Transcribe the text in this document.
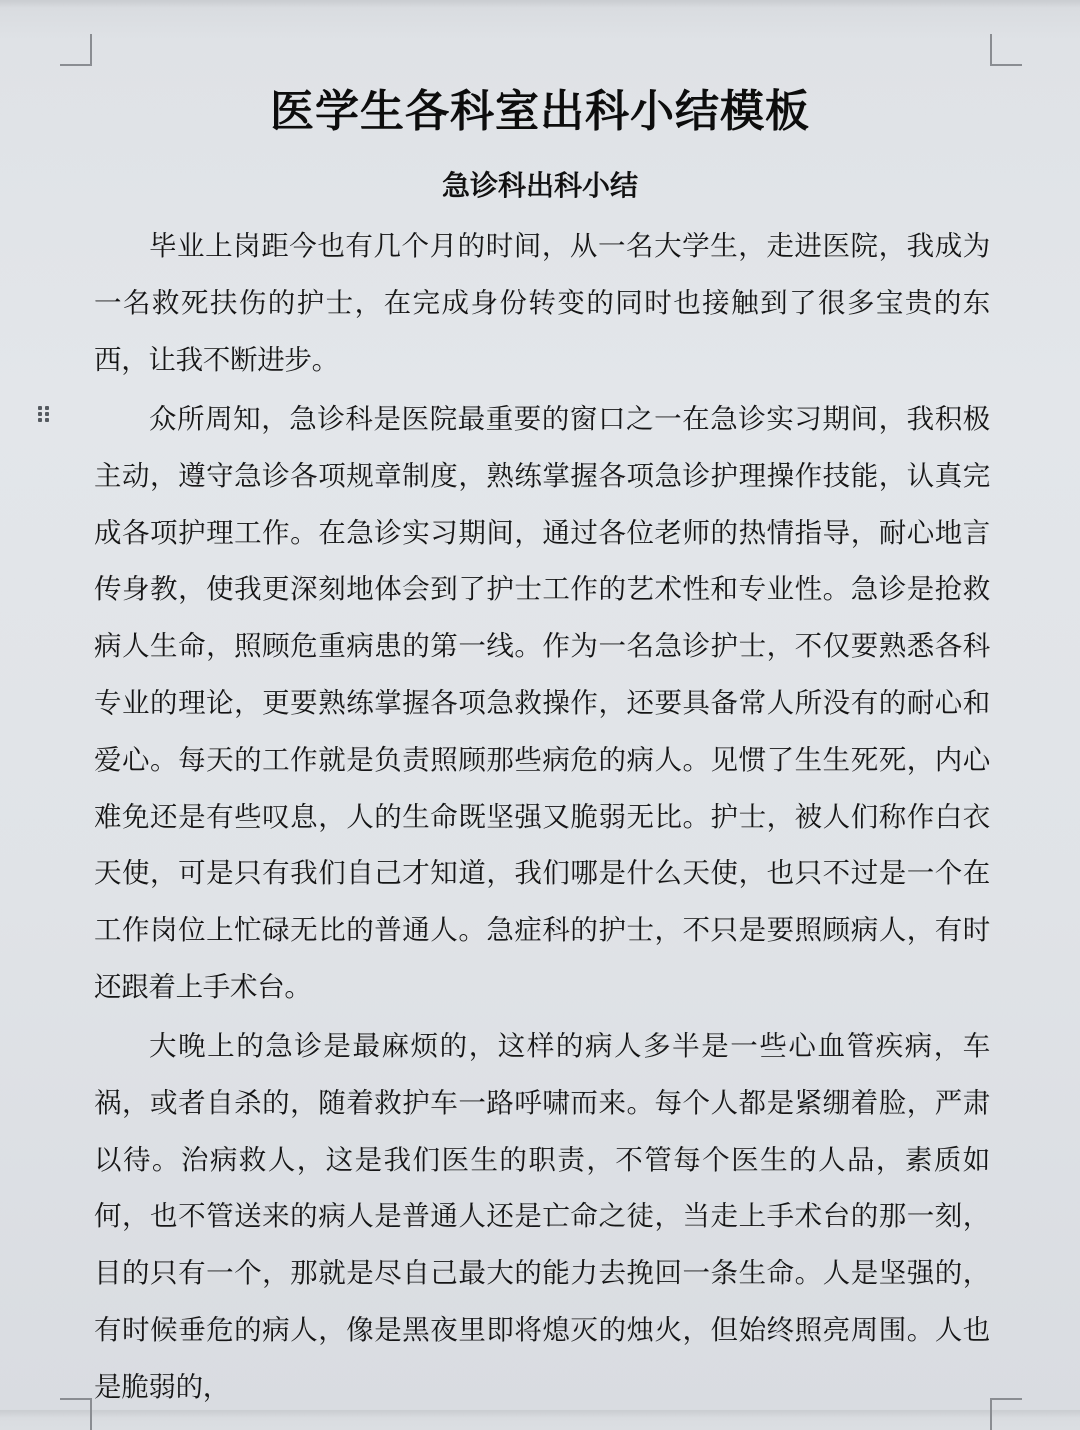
医学生各科室出科小结模板
急诊科出科小结

毕业上岗距今也有几个月的时间，从一名大学生，走进医院，我成为一名救死扶伤的护士，在完成身份转变的同时也接触到了很多宝贵的东西，让我不断进步。

众所周知，急诊科是医院最重要的窗口之一在急诊实习期间，我积极主动，遵守急诊各项规章制度，熟练掌握各项急诊护理操作技能，认真完成各项护理工作。在急诊实习期间，通过各位老师的热情指导，耐心地言传身教，使我更深刻地体会到了护士工作的艺术性和专业性。急诊是抢救病人生命，照顾危重病患的第一线。作为一名急诊护士，不仅要熟悉各科专业的理论，更要熟练掌握各项急救操作，还要具备常人所没有的耐心和爱心。每天的工作就是负责照顾那些病危的病人。见惯了生生死死，内心难免还是有些叹息，人的生命既坚强又脆弱无比。护士，被人们称作白衣天使，可是只有我们自己才知道，我们哪是什么天使，也只不过是一个在工作岗位上忙碌无比的普通人。急症科的护士，不只是要照顾病人，有时还跟着上手术台。

大晚上的急诊是最麻烦的，这样的病人多半是一些心血管疾病，车祸，或者自杀的，随着救护车一路呼啸而来。每个人都是紧绷着脸，严肃以待。治病救人，这是我们医生的职责，不管每个医生的人品，素质如何，也不管送来的病人是普通人还是亡命之徒，当走上手术台的那一刻，目的只有一个，那就是尽自己最大的能力去挽回一条生命。人是坚强的，有时候垂危的病人，像是黑夜里即将熄灭的烛火，但始终照亮周围。人也是脆弱的，
